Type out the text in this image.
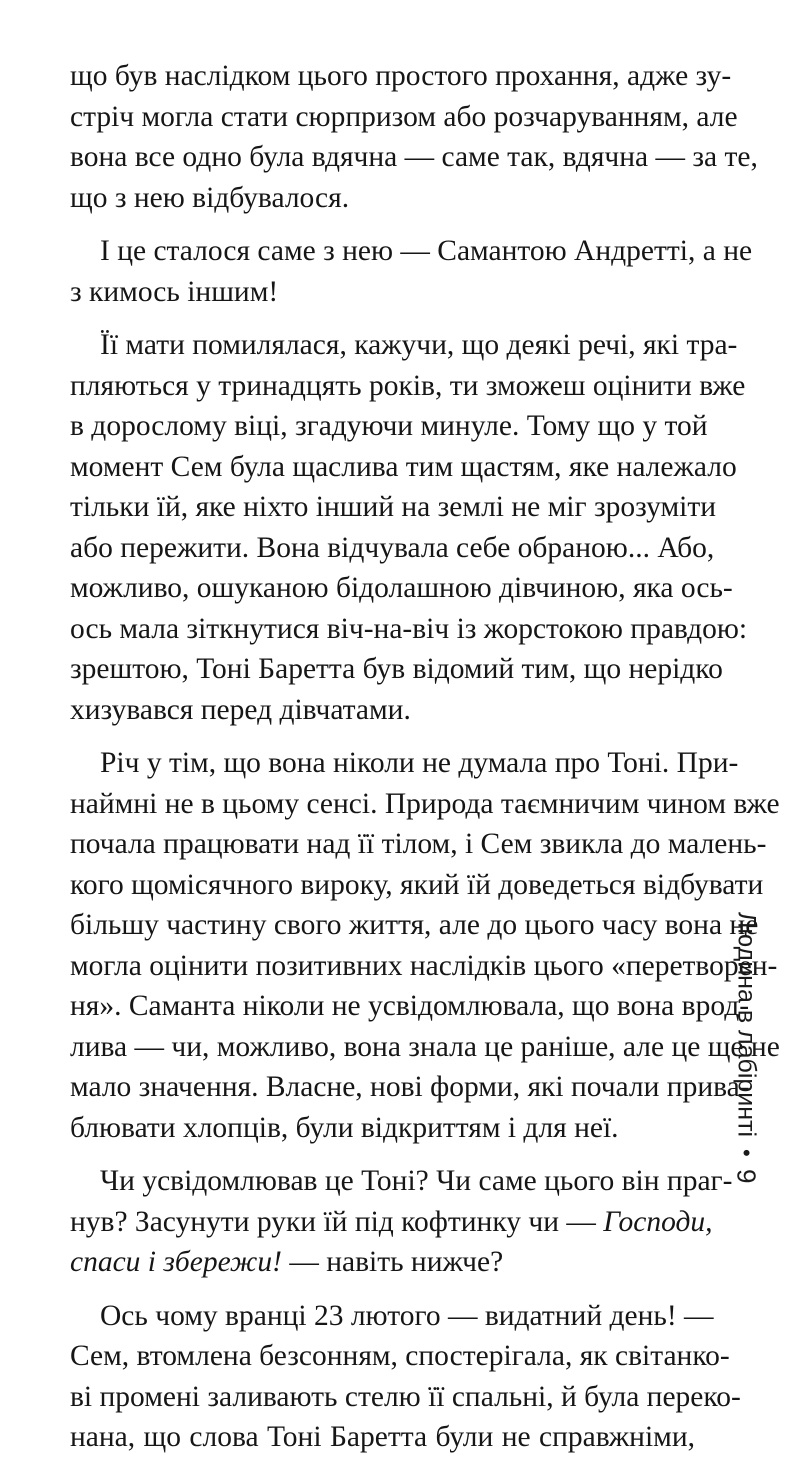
що був наслідком цього простого прохання, адже зу-
стріч могла стати сюрпризом або розчаруванням, але
вона все одно була вдячна — саме так, вдячна — за те,
що з нею відбувалося.

І це сталося саме з нею — Самантою Андретті, а не
з кимось іншим!

Її мати помилялася, кажучи, що деякі речі, які тра-
пляються у тринадцять років, ти зможеш оцінити вже
в дорослому віці, згадуючи минуле. Тому що у той
момент Сем була щаслива тим щастям, яке належало
тільки їй, яке ніхто інший на землі не міг зрозуміти
або пережити. Вона відчувала себе обраною... Або,
можливо, ошуканою бідолашною дівчиною, яка ось-
ось мала зіткнутися віч-на-віч із жорстокою правдою:
зрештою, Тоні Баретта був відомий тим, що нерідко
хизувався перед дівчатами.

Річ у тім, що вона ніколи не думала про Тоні. При-
наймні не в цьому сенсі. Природа таємничим чином вже
почала працювати над її тілом, і Сем звикла до малень-
кого щомісячного вироку, який їй доведеться відбувати
більшу частину свого життя, але до цього часу вона не
могла оцінити позитивних наслідків цього «перетворен-
ня». Саманта ніколи не усвідомлювала, що вона врод-
лива — чи, можливо, вона знала це раніше, але це ще не
мало значення. Власне, нові форми, які почали прива-
блювати хлопців, були відкриттям і для неї.

Чи усвідомлював це Тоні? Чи саме цього він праг-
нув? Засунути руки їй під кофтинку чи — Господи,
спаси і збережи! — навіть нижче?

Ось чому вранці 23 лютого — видатний день! —
Сем, втомлена безсонням, спостерігала, як світанко-
ві промені заливають стелю її спальні, й була переко-
нана, що слова Тоні Баретта були не справжніми,

Людина в лабіринті
•
9
